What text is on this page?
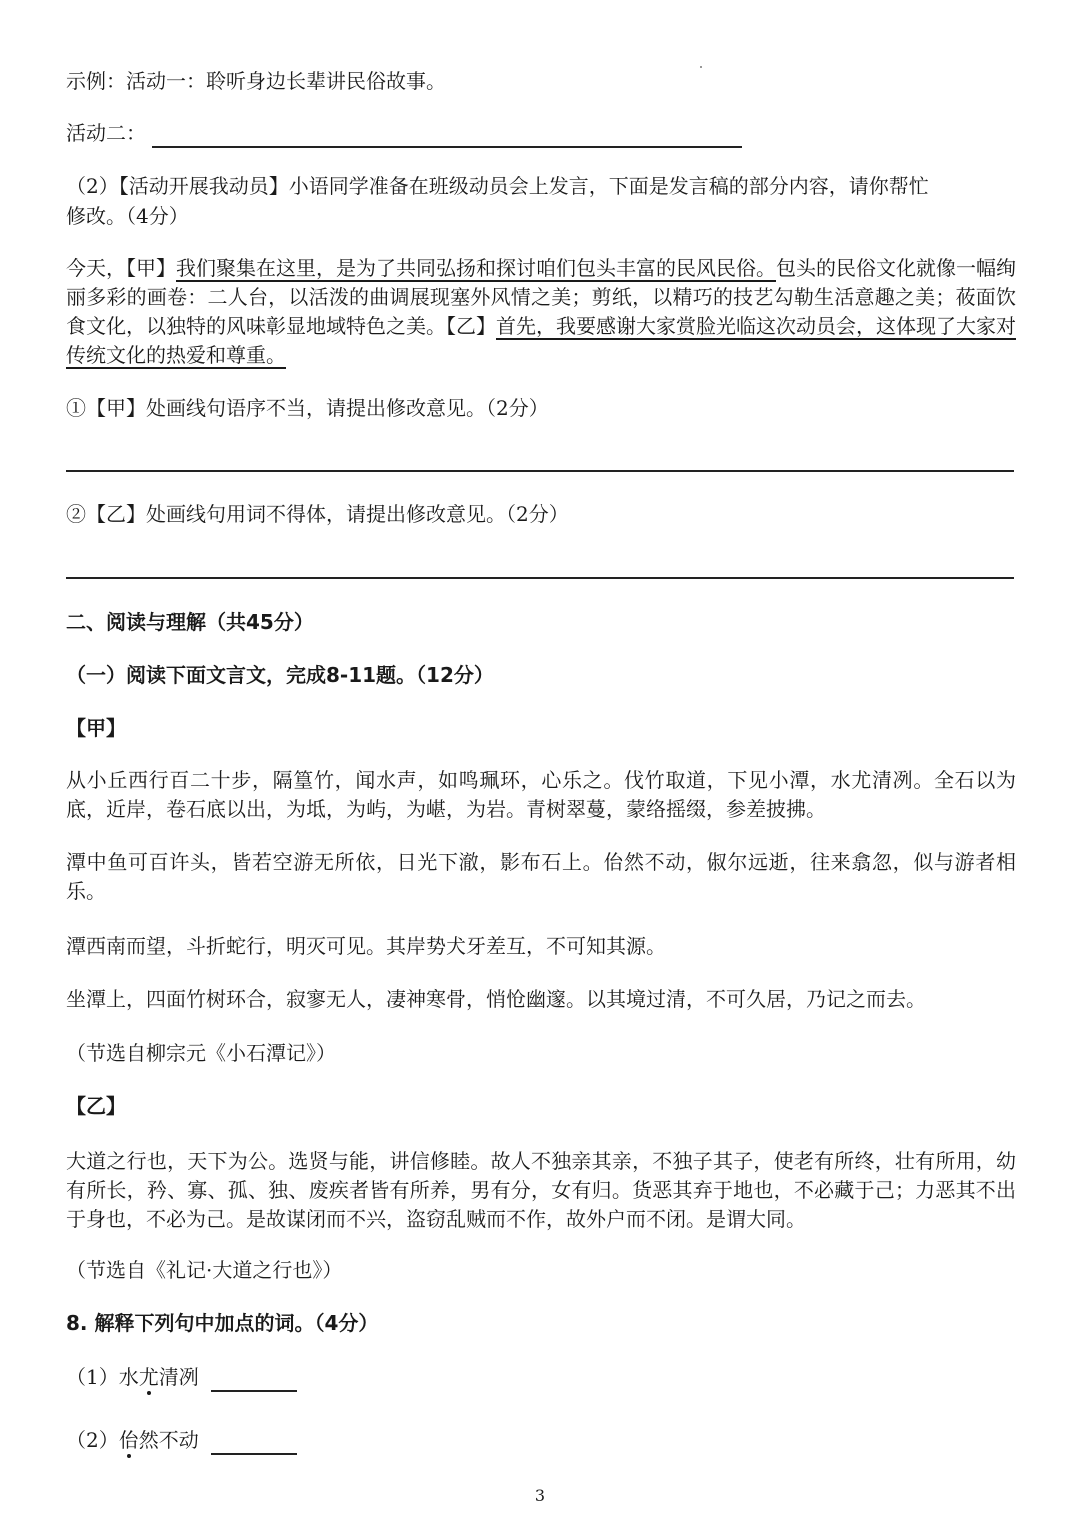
示例：活动一：聆听身边长辈讲民俗故事。
活动二：
（2）【活动开展我动员】小语同学准备在班级动员会上发言，下面是发言稿的部分内容，请你帮忙
修改。（4分）
今天，【甲】我们聚集在这里，是为了共同弘扬和探讨咱们包头丰富的民风民俗。包头的民俗文化就像一幅绚丽多彩的画卷：二人台，以活泼的曲调展现塞外风情之美；剪纸，以精巧的技艺勾勒生活意趣之美；莜面饮食文化，以独特的风味彰显地域特色之美。【乙】首先，我要感谢大家赏脸光临这次动员会，这体现了大家对传统文化的热爱和尊重。
①【甲】处画线句语序不当，请提出修改意见。（2分）
②【乙】处画线句用词不得体，请提出修改意见。（2分）
二、阅读与理解（共45分）
（一）阅读下面文言文，完成8-11题。（12分）
【甲】
从小丘西行百二十步，隔篁竹，闻水声，如鸣珮环，心乐之。伐竹取道，下见小潭，水尤清冽。全石以为底，近岸，卷石底以出，为坻，为屿，为嵁，为岩。青树翠蔓，蒙络摇缀，参差披拂。
潭中鱼可百许头，皆若空游无所依，日光下澈，影布石上。佁然不动，俶尔远逝，往来翕忽，似与游者相乐。
潭西南而望，斗折蛇行，明灭可见。其岸势犬牙差互，不可知其源。
坐潭上，四面竹树环合，寂寥无人，凄神寒骨，悄怆幽邃。以其境过清，不可久居，乃记之而去。
（节选自柳宗元《小石潭记》）
【乙】
大道之行也，天下为公。选贤与能，讲信修睦。故人不独亲其亲，不独子其子，使老有所终，壮有所用，幼有所长，矜、寡、孤、独、废疾者皆有所养，男有分，女有归。货恶其弃于地也，不必藏于己；力恶其不出于身也，不必为己。是故谋闭而不兴，盗窃乱贼而不作，故外户而不闭。是谓大同。
（节选自《礼记·大道之行也》）
8. 解释下列句中加点的词。（4分）
（1）水尤清冽
（2）佁然不动
3
